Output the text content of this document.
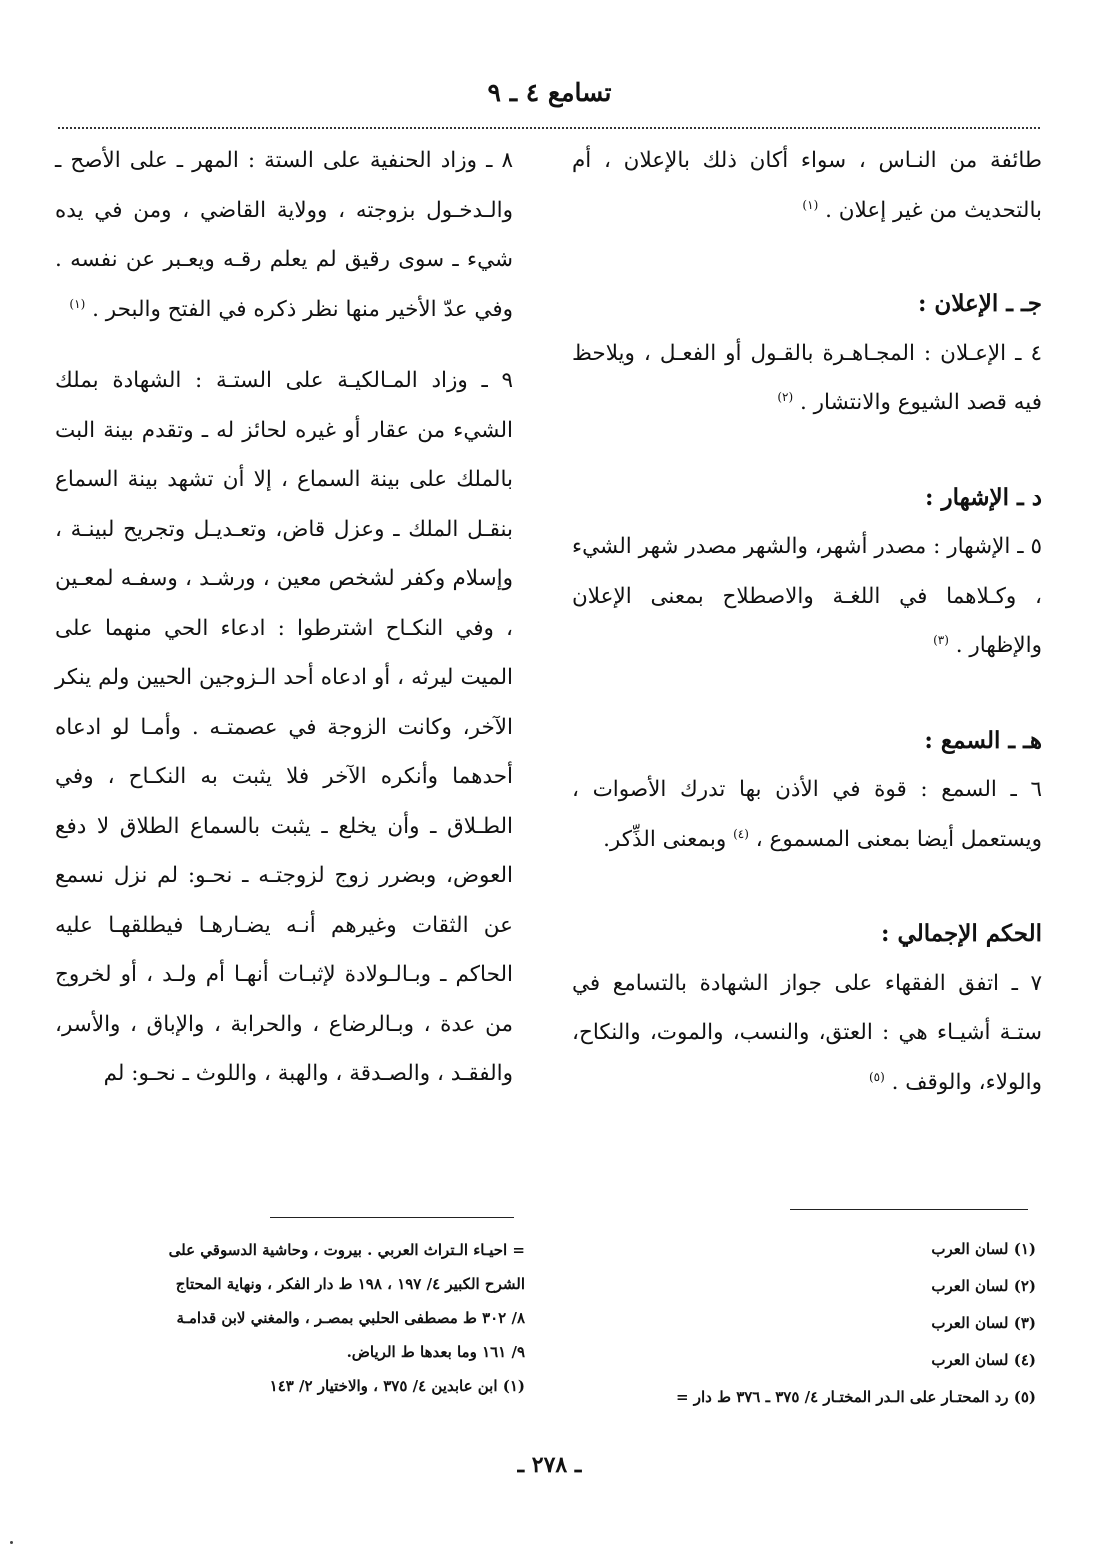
تسامع ٤ ـ ٩

طائفة من النـاس ، سواء أكان ذلك بالإعلان ، أم بالتحديث من غير إعلان . $^{(١)}$

جـ ـ الإعلان :

٤ ـ الإعـلان : المجـاهـرة بالقـول أو الفعـل ، ويلاحظ فيه قصد الشيوع والانتشار . $^{(٢)}$

د ـ الإشهار :

٥ ـ الإشهار : مصدر أشهر، والشهر مصدر شهر الشيء ، وكـلاهما في اللغـة والاصطلاح بمعنى الإعلان والإظهار . $^{(٣)}$

هـ ـ السمع :

٦ ـ السمع : قوة في الأذن بها تدرك الأصوات ، ويستعمل أيضا بمعنى المسموع ، $^{(٤)}$ وبمعنى الذِّكر.

الحكم الإجمالي :

٧ ـ اتفق الفقهاء على جواز الشهادة بالتسامع في ستـة أشيـاء هي : العتق، والنسب، والموت، والنكاح، والولاء، والوقف . $^{(٥)}$

٨ ـ وزاد الحنفية على الستة : المهر ـ على الأصح ـ والـدخـول بزوجته ، وولاية القاضي ، ومن في يده شيء ـ سوى رقيق لم يعلم رقـه ويعـبر عن نفسه . وفي عدّ الأخير منها نظر ذكره في الفتح والبحر . $^{(١)}$

٩ ـ وزاد المـالكيـة على الستـة : الشهادة بملك الشيء من عقار أو غيره لحائز له ـ وتقدم بينة البت بالملك على بينة السماع ، إلا أن تشهد بينة السماع بنقـل الملك ـ وعزل قاض، وتعـديـل وتجريح لبينـة ، وإسلام وكفر لشخص معين ، ورشـد ، وسفـه لمعـين ، وفي النكـاح اشترطوا : ادعاء الحي منهما على الميت ليرثه ، أو ادعاه أحد الـزوجين الحيين ولم ينكر الآخر، وكانت الزوجة في عصمتـه . وأمـا لو ادعاه أحدهما وأنكره الآخر فلا يثبت به النكـاح ، وفي الطـلاق ـ وأن يخلع ـ يثبت بالسماع الطلاق لا دفع العوض، وبضرر زوج لزوجتـه ـ نحـو: لم نزل نسمع عن الثقات وغيرهم أنـه يضـارهـا فيطلقهـا عليه الحاكم ـ وبـالـولادة لإثبـات أنهـا أم ولـد ، أو لخروج من عدة ، وبـالرضاع ، والحرابة ، والإباق ، والأسر، والفقـد ، والصـدقة ، والهبة ، واللوث ـ نحـو: لم

(١) لسان العرب

(٢) لسان العرب

(٣) لسان العرب

(٤) لسان العرب

(٥) رد المحتـار على الـدر المختـار ٤/ ٣٧٥ ـ ٣٧٦ ط دار =

= احيـاء الـتراث العربي . بيروت ، وحاشية الدسوقي على

الشرح الكبير ٤/ ١٩٧ ، ١٩٨ ط دار الفكر ، ونهاية المحتاج

٨/ ٣٠٢ ط مصطفى الحلبي بمصـر ، والمغني لابن قدامـة

٩/ ١٦١ وما بعدها ط الرياض.

(١) ابن عابدين ٤/ ٣٧٥ ، والاختيار ٢/ ١٤٣

ـ ٢٧٨ ـ
